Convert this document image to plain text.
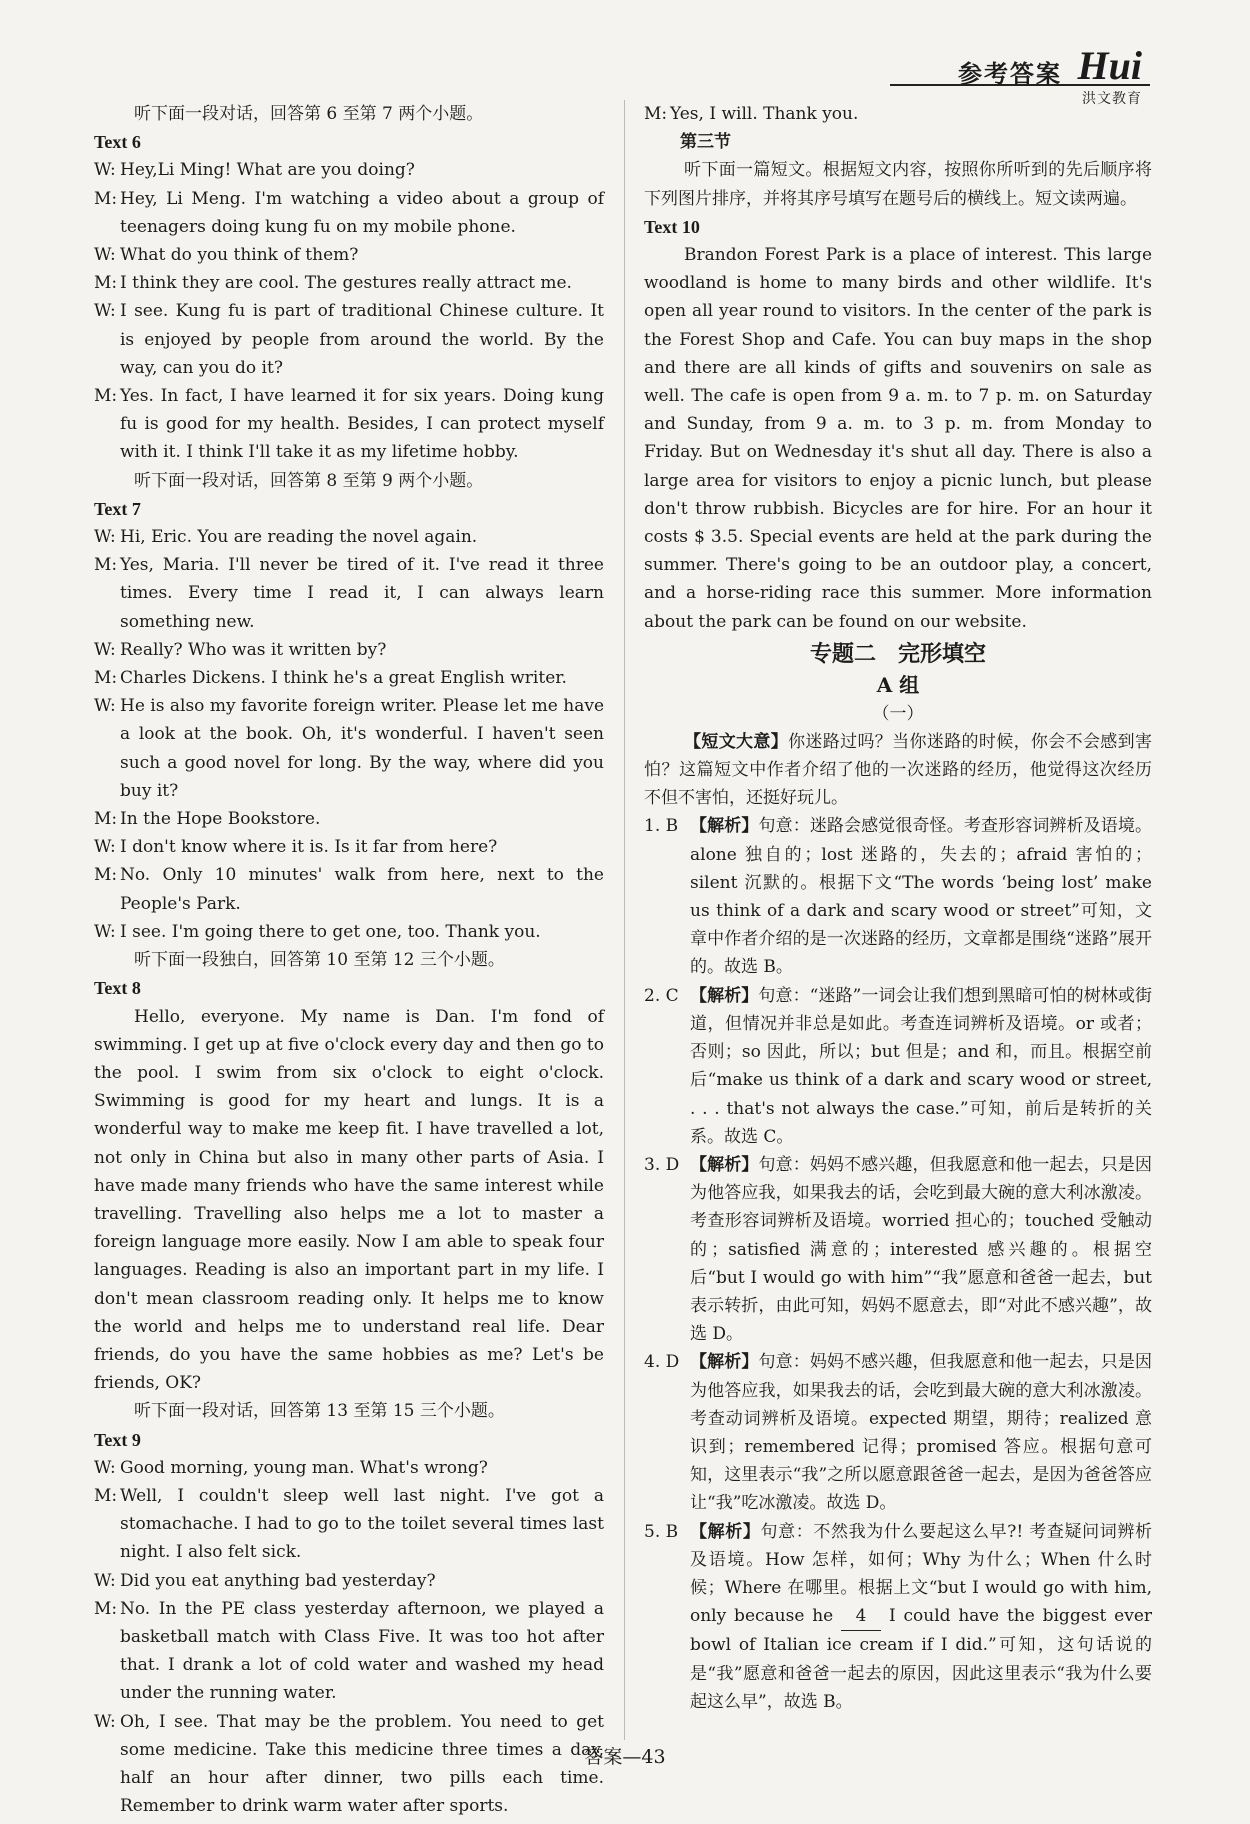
参考答案 Hui
洪文教育

听下面一段对话，回答第 6 至第 7 两个小题。

Text 6

W: Hey,Li Ming! What are you doing?
M: Hey, Li Meng. I'm watching a video about a group of teenagers doing kung fu on my mobile phone.
W: What do you think of them?
M: I think they are cool. The gestures really attract me.
W: I see. Kung fu is part of traditional Chinese culture. It is enjoyed by people from around the world. By the way, can you do it?
M: Yes. In fact, I have learned it for six years. Doing kung fu is good for my health. Besides, I can protect myself with it. I think I'll take it as my lifetime hobby.

听下面一段对话，回答第 8 至第 9 两个小题。

Text 7

W: Hi, Eric. You are reading the novel again.
M: Yes, Maria. I'll never be tired of it. I've read it three times. Every time I read it, I can always learn something new.
W: Really? Who was it written by?
M: Charles Dickens. I think he's a great English writer.
W: He is also my favorite foreign writer. Please let me have a look at the book. Oh, it's wonderful. I haven't seen such a good novel for long. By the way, where did you buy it?
M: In the Hope Bookstore.
W: I don't know where it is. Is it far from here?
M: No. Only 10 minutes' walk from here, next to the People's Park.
W: I see. I'm going there to get one, too. Thank you.

听下面一段独白，回答第 10 至第 12 三个小题。

Text 8

Hello, everyone. My name is Dan. I'm fond of swimming. I get up at five o'clock every day and then go to the pool. I swim from six o'clock to eight o'clock. Swimming is good for my heart and lungs. It is a wonderful way to make me keep fit. I have travelled a lot, not only in China but also in many other parts of Asia. I have made many friends who have the same interest while travelling. Travelling also helps me a lot to master a foreign language more easily. Now I am able to speak four languages. Reading is also an important part in my life. I don't mean classroom reading only. It helps me to know the world and helps me to understand real life. Dear friends, do you have the same hobbies as me? Let's be friends, OK?

听下面一段对话，回答第 13 至第 15 三个小题。

Text 9

W: Good morning, young man. What's wrong?
M: Well, I couldn't sleep well last night. I've got a stomachache. I had to go to the toilet several times last night. I also felt sick.
W: Did you eat anything bad yesterday?
M: No. In the PE class yesterday afternoon, we played a basketball match with Class Five. It was too hot after that. I drank a lot of cold water and washed my head under the running water.
W: Oh, I see. That may be the problem. You need to get some medicine. Take this medicine three times a day, half an hour after dinner, two pills each time. Remember to drink warm water after sports.
M: Yes, I will. Thank you.

第三节

听下面一篇短文。根据短文内容，按照你所听到的先后顺序将下列图片排序，并将其序号填写在题号后的横线上。短文读两遍。

Text 10

Brandon Forest Park is a place of interest. This large woodland is home to many birds and other wildlife. It's open all year round to visitors. In the center of the park is the Forest Shop and Cafe. You can buy maps in the shop and there are all kinds of gifts and souvenirs on sale as well. The cafe is open from 9 a. m. to 7 p. m. on Saturday and Sunday, from 9 a. m. to 3 p. m. from Monday to Friday. But on Wednesday it's shut all day. There is also a large area for visitors to enjoy a picnic lunch, but please don't throw rubbish. Bicycles are for hire. For an hour it costs $ 3.5. Special events are held at the park during the summer. There's going to be an outdoor play, a concert, and a horse-riding race this summer. More information about the park can be found on our website.

专题二　完形填空

A 组

（一）

【短文大意】你迷路过吗？当你迷路的时候，你会不会感到害怕？这篇短文中作者介绍了他的一次迷路的经历，他觉得这次经历不但不害怕，还挺好玩儿。

1. B 【解析】句意：迷路会感觉很奇怪。考查形容词辨析及语境。alone 独自的；lost 迷路的，失去的；afraid 害怕的；silent 沉默的。根据下文“The words ‘being lost’ make us think of a dark and scary wood or street”可知，文章中作者介绍的是一次迷路的经历，文章都是围绕“迷路”展开的。故选 B。
2. C 【解析】句意：“迷路”一词会让我们想到黑暗可怕的树林或街道，但情况并非总是如此。考查连词辨析及语境。or 或者；否则；so 因此，所以；but 但是；and 和，而且。根据空前后“make us think of a dark and scary wood or street, . . . that's not always the case.”可知，前后是转折的关系。故选 C。
3. D 【解析】句意：妈妈不感兴趣，但我愿意和他一起去，只是因为他答应我，如果我去的话，会吃到最大碗的意大利冰激凌。考查形容词辨析及语境。worried 担心的；touched 受触动的；satisfied 满意的；interested 感兴趣的。根据空后“but I would go with him”“我”愿意和爸爸一起去，but 表示转折，由此可知，妈妈不愿意去，即“对此不感兴趣”，故选 D。
4. D 【解析】句意：妈妈不感兴趣，但我愿意和他一起去，只是因为他答应我，如果我去的话，会吃到最大碗的意大利冰激凌。考查动词辨析及语境。expected 期望，期待；realized 意识到；remembered 记得；promised 答应。根据句意可知，这里表示“我”之所以愿意跟爸爸一起去，是因为爸爸答应让“我”吃冰激凌。故选 D。
5. B 【解析】句意：不然我为什么要起这么早?! 考查疑问词辨析及语境。How 怎样，如何；Why 为什么；When 什么时候；Where 在哪里。根据上文“but I would go with him, only because he 4 I could have the biggest ever bowl of Italian ice cream if I did.”可知，这句话说的是“我”愿意和爸爸一起去的原因，因此这里表示“我为什么要起这么早”，故选 B。
答案—43
